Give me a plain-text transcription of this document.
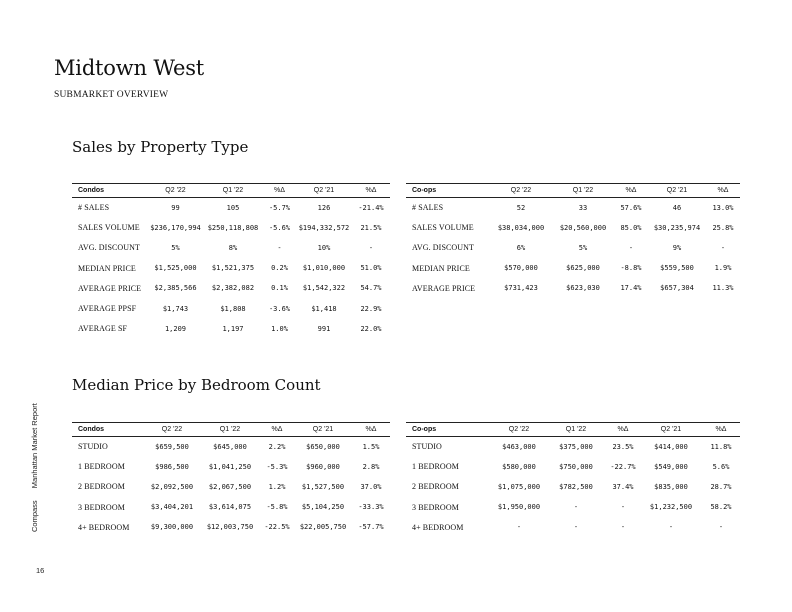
Midtown West
SUBMARKET OVERVIEW
Sales by Property Type
Condos	Q2 '22	Q1 '22	%Δ	Q2 '21	%Δ
# SALES	99	105	-5.7%	126	-21.4%
SALES VOLUME	$236,170,994	$250,118,808	-5.6%	$194,332,572	21.5%
AVG. DISCOUNT	5%	8%	-	10%	-
MEDIAN PRICE	$1,525,000	$1,521,375	0.2%	$1,010,000	51.0%
AVERAGE PRICE	$2,385,566	$2,382,082	0.1%	$1,542,322	54.7%
AVERAGE PPSF	$1,743	$1,808	-3.6%	$1,418	22.9%
AVERAGE SF	1,209	1,197	1.0%	991	22.0%
Co-ops	Q2 '22	Q1 '22	%Δ	Q2 '21	%Δ
# SALES	52	33	57.6%	46	13.0%
SALES VOLUME	$38,034,000	$20,560,000	85.0%	$30,235,974	25.8%
AVG. DISCOUNT	6%	5%	-	9%	-
MEDIAN PRICE	$570,000	$625,000	-8.8%	$559,500	1.9%
AVERAGE PRICE	$731,423	$623,030	17.4%	$657,304	11.3%
Median Price by Bedroom Count
Condos	Q2 '22	Q1 '22	%Δ	Q2 '21	%Δ
STUDIO	$659,500	$645,000	2.2%	$650,000	1.5%
1 BEDROOM	$986,500	$1,041,250	-5.3%	$960,000	2.8%
2 BEDROOM	$2,092,500	$2,067,500	1.2%	$1,527,500	37.0%
3 BEDROOM	$3,404,201	$3,614,075	-5.8%	$5,104,250	-33.3%
4+ BEDROOM	$9,300,000	$12,003,750	-22.5%	$22,005,750	-57.7%
Co-ops	Q2 '22	Q1 '22	%Δ	Q2 '21	%Δ
STUDIO	$463,000	$375,000	23.5%	$414,000	11.8%
1 BEDROOM	$580,000	$750,000	-22.7%	$549,000	5.6%
2 BEDROOM	$1,075,000	$782,500	37.4%	$835,000	28.7%
3 BEDROOM	$1,950,000	-	-	$1,232,500	58.2%
4+ BEDROOM	-	-	-	-	-
Compass Manhattan Market Report
16
